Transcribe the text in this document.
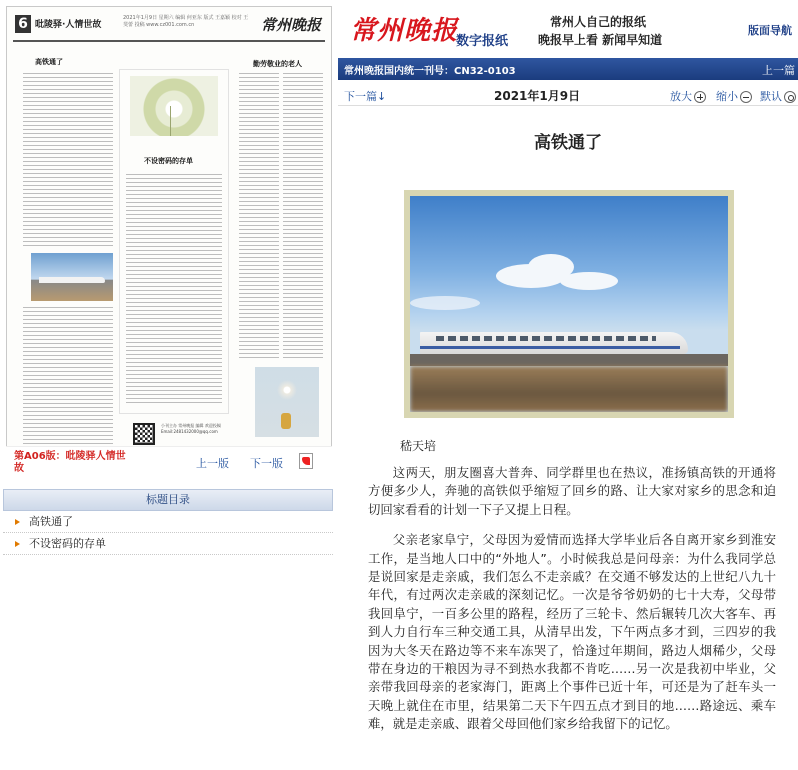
6 吡陵驿·人情世故
2021年1月9日 星期六 编辑 何亚东 版式 王嘉颖 校对 王斐蕾 投稿 www.cz001.com.cn	常州晚报
高铁通了
不设密码的存单
勤劳敬业的老人
小刊主办 常州晚报 编辑 欢迎投稿 Email:2481432000@qq.com
第A06版：吡陵驿人情世故	上一版 下一版
标题目录
高铁通了
不设密码的存单
常州晚报
数字报纸
常州人自己的报纸
晚报早上看 新闻早知道
版面导航
常州晚报国内统一刊号：CN32-0103	上一篇
下一篇↓	2021年1月9日	放大	缩小	默认
高铁通了
嵇天培

这两天，朋友圈喜大普奔、同学群里也在热议，准扬镇高铁的开通将方便多少人，奔驰的高铁似乎缩短了回乡的路、让大家对家乡的思念和迫切回家看看的计划一下子又提上日程。

父亲老家阜宁，父母因为爱情而选择大学毕业后各自离开家乡到淮安工作，是当地人口中的“外地人”。小时候我总是问母亲：为什么我同学总是说回家是走亲戚，我们怎么不走亲戚？在交通不够发达的上世纪八九十年代，有过两次走亲戚的深刻记忆。一次是爷爷奶奶的七十大寿，父母带我回阜宁，一百多公里的路程，经历了三轮卡、然后辗转几次大客车、再到人力自行车三种交通工具，从清早出发，下午两点多才到，三四岁的我因为大冬天在路边等不来车冻哭了，恰逢过年期间，路边人烟稀少，父母带在身边的干粮因为寻不到热水我都不肯吃……另一次是我初中毕业，父亲带我回母亲的老家海门，距离上个事件已近十年，可还是为了赶车头一天晚上就住在市里，结果第二天下午四五点才到目的地……路途远、乘车难，就是走亲戚、跟着父母回他们家乡给我留下的记忆。
